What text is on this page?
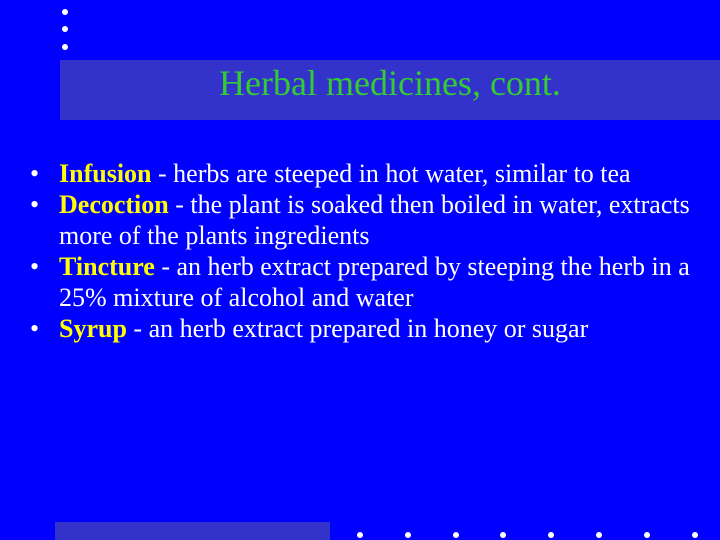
Herbal medicines, cont.
• Infusion - herbs are steeped in hot water, similar to tea
• Decoction - the plant is soaked then boiled in water, extracts more of the plants ingredients
• Tincture - an herb extract prepared by steeping the herb in a 25% mixture of alcohol and water
• Syrup - an herb extract prepared in honey or sugar
